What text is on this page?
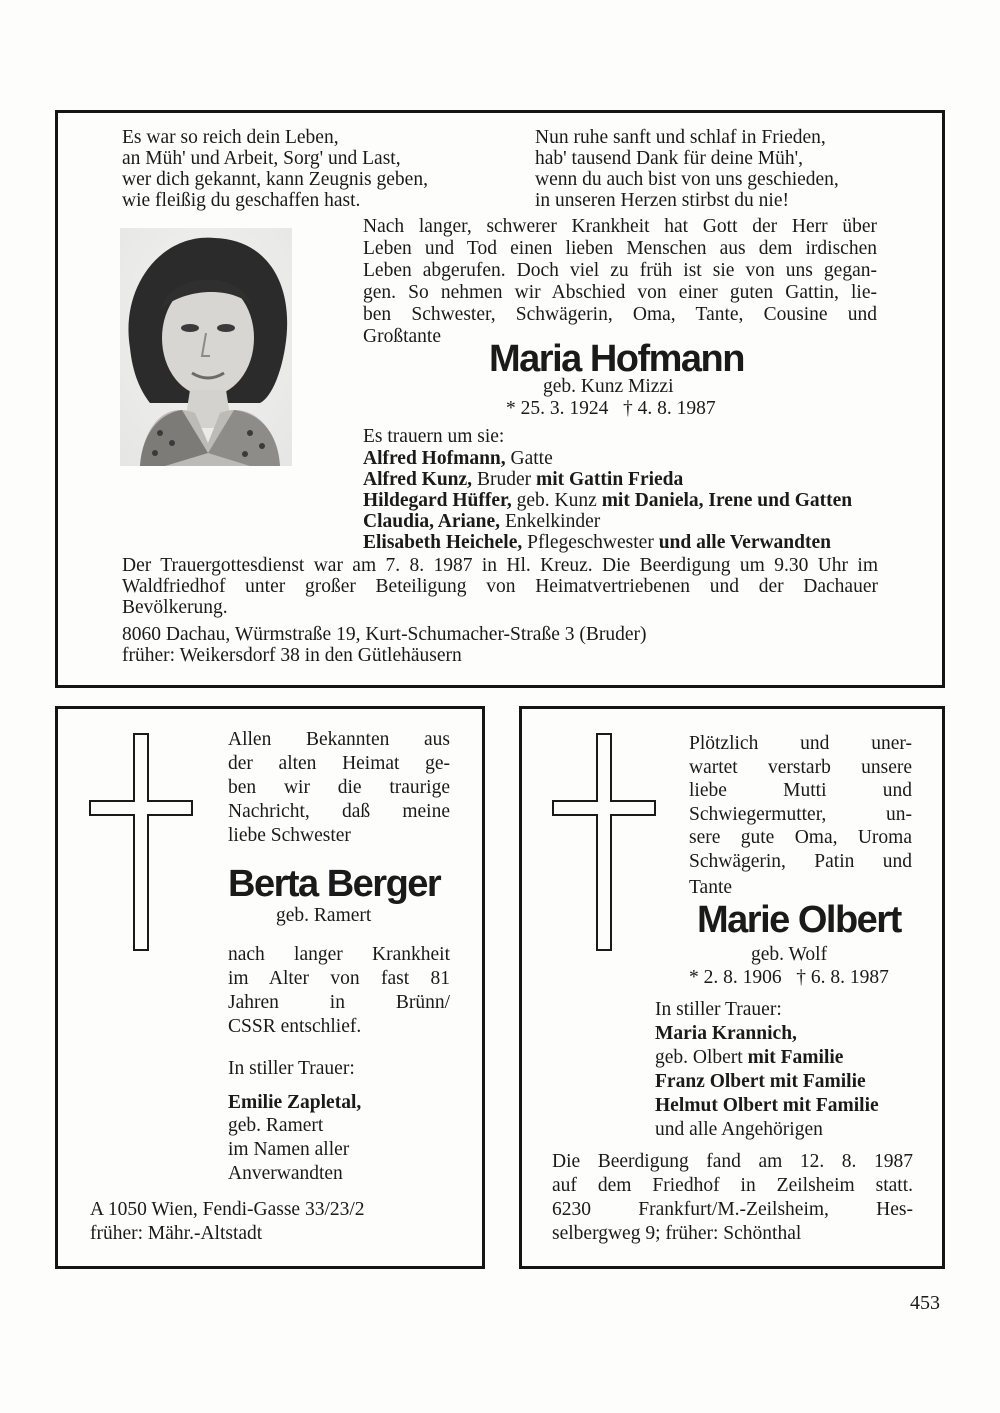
Es war so reich dein Leben,
an Müh' und Arbeit, Sorg' und Last,
wer dich gekannt, kann Zeugnis geben,
wie fleißig du geschaffen hast.
Nun ruhe sanft und schlaf in Frieden,
hab' tausend Dank für deine Müh',
wenn du auch bist von uns geschieden,
in unseren Herzen stirbst du nie!
Nach langer, schwerer Krankheit hat Gott der Herr über
Leben und Tod einen lieben Menschen aus dem irdischen
Leben abgerufen. Doch viel zu früh ist sie von uns gegan-
gen. So nehmen wir Abschied von einer guten Gattin, lie-
ben Schwester, Schwägerin, Oma, Tante, Cousine und
Großtante
Maria Hofmann
geb. Kunz Mizzi
* 25. 3. 1924   † 4. 8. 1987
Es trauern um sie:
Alfred Hofmann, Gatte
Alfred Kunz, Bruder mit Gattin Frieda
Hildegard Hüffer, geb. Kunz mit Daniela, Irene und Gatten
Claudia, Ariane, Enkelkinder
Elisabeth Heichele, Pflegeschwester und alle Verwandten
Der Trauergottesdienst war am 7. 8. 1987 in Hl. Kreuz. Die Beerdigung um 9.30 Uhr im
Waldfriedhof unter großer Beteiligung von Heimatvertriebenen und der Dachauer
Bevölkerung.
8060 Dachau, Würmstraße 19, Kurt-Schumacher-Straße 3 (Bruder)
früher: Weikersdorf 38 in den Gütlehäusern
Allen Bekannten aus
der alten Heimat ge-
ben wir die traurige
Nachricht, daß meine
liebe Schwester
Berta Berger
geb. Ramert
nach langer Krankheit
im Alter von fast 81
Jahren in Brünn/
CSSR entschlief.
In stiller Trauer:
Emilie Zapletal,
geb. Ramert
im Namen aller
Anverwandten
A 1050 Wien, Fendi-Gasse 33/23/2
früher: Mähr.-Altstadt
Plötzlich und uner-
wartet verstarb unsere
liebe Mutti und
Schwiegermutter, un-
sere gute Oma, Uroma
Schwägerin, Patin und
Tante
Marie Olbert
geb. Wolf
* 2. 8. 1906   † 6. 8. 1987
In stiller Trauer:
Maria Krannich,
geb. Olbert mit Familie
Franz Olbert mit Familie
Helmut Olbert mit Familie
und alle Angehörigen
Die Beerdigung fand am 12. 8. 1987
auf dem Friedhof in Zeilsheim statt.
6230 Frankfurt/M.-Zeilsheim, Hes-
selbergweg 9; früher: Schönthal
453
